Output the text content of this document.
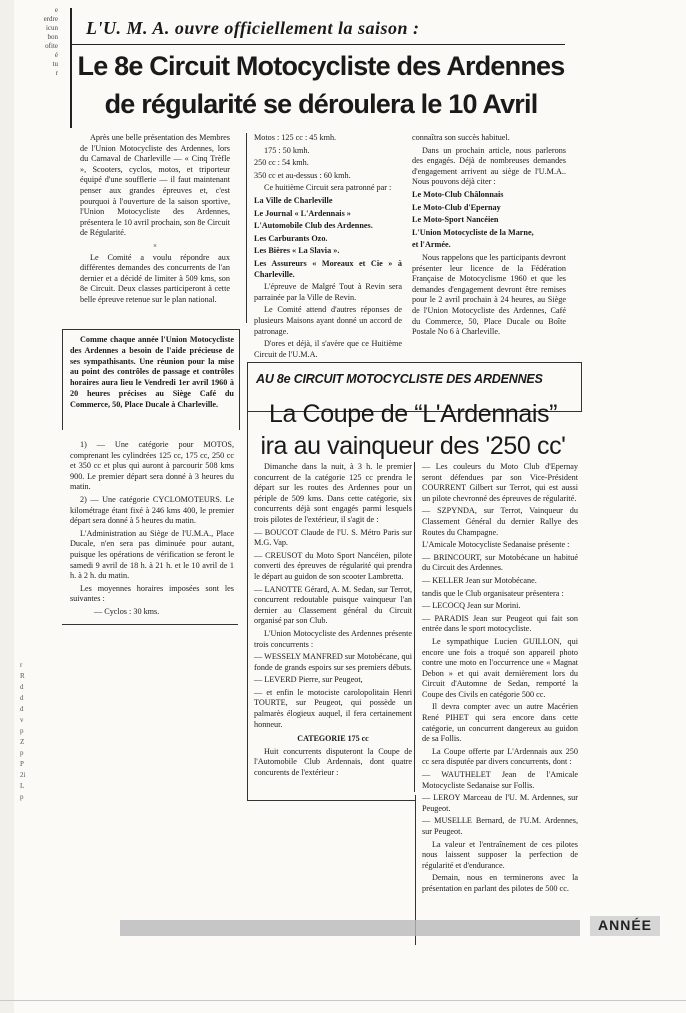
e
erdre
icun
bon
ofite
é
tu
r
r
R
d
d
d
v
p
Z
p
P
2i
L
p
L'U. M. A. ouvre officiellement la saison :
Le 8e Circuit Motocycliste des Ardennes
de régularité se déroulera le 10 Avril

Après une belle présentation des Membres de l'Union Motocycliste des Ardennes, lors du Carnaval de Charleville — « Cinq Trèfle », Scooters, cyclos, motos, et triporteur équipé d'une soufflerie — il faut maintenant penser aux grandes épreuves et, c'est pourquoi à l'ouverture de la saison sportive, l'Union Motocycliste des Ardennes, présentera le 10 avril prochain, son 8e Circuit de Régularité.

×

Le Comité a voulu répondre aux différentes demandes des concurrents de l'an dernier et a décidé de limiter à 509 kms, son 8e Circuit. Deux classes participeront à cette belle épreuve retenue sur le plan national.

Motos : 125 cc : 45 kmh.

175 : 50 kmh.

250 cc : 54 kmh.

350 cc et au-dessus : 60 kmh.

Ce huitième Circuit sera patronné par :

La Ville de Charleville

Le Journal « L'Ardennais »

L'Automobile Club des Ardennes.

Les Carburants Ozo.

Les Bières « La Slavia ».

Les Assureurs « Moreaux et Cie » à Charleville.

L'épreuve de Malgré Tout à Revin sera parrainée par la Ville de Revin.

Le Comité attend d'autres réponses de plusieurs Maisons ayant donné un accord de patronage.

D'ores et déjà, il s'avère que ce Huitième Circuit de l'U.M.A.

connaîtra son succès habituel.

Dans un prochain article, nous parlerons des engagés. Déjà de nombreuses demandes d'engagement arrivent au siège de l'U.M.A.. Nous pouvons déjà citer :

Le Moto-Club Châlonnais

Le Moto-Club d'Epernay

Le Moto-Sport Nancéien

L'Union Motocycliste de la Marne,

et l'Armée.

Nous rappelons que les participants devront présenter leur licence de la Fédération Française de Motocyclisme 1960 et que les demandes d'engagement devront être remises pour le 2 avril prochain à 24 heures, au Siège de l'Union Motocycliste des Ardennes, Café du Commerce, 50, Place Ducale ou Boîte Postale No 6 à Charleville.

Comme chaque année l'Union Motocycliste des Ardennes a besoin de l'aide précieuse de ses sympathisants. Une réunion pour la mise au point des contrôles de passage et contrôles horaires aura lieu le Vendredi 1er avril 1960 à 20 heures précises au Siège Café du Commerce, 50, Place Ducale à Charleville.

1) — Une catégorie pour MOTOS, comprenant les cylindrées 125 cc, 175 cc, 250 cc et 350 cc et plus qui auront à parcourir 508 kms 900. Le premier départ sera donné à 3 heures du matin.

2) — Une catégorie CYCLOMOTEURS. Le kilométrage étant fixé à 246 kms 400, le premier départ sera donné à 5 heures du matin.

L'Administration au Siège de l'U.M.A., Place Ducale, n'en sera pas diminuée pour autant, puisque les opérations de vérification se feront le samedi 9 avril de 18 h. à 21 h. et le 10 avril de 1 h. à 2 h. du matin.

Les moyennes horaires imposées sont les suivantes :

— Cyclos : 30 kms.

AU 8e CIRCUIT MOTOCYCLISTE DES ARDENNES
La Coupe de “L'Ardennais”
ira au vainqueur des '250 cc'

Dimanche dans la nuit, à 3 h. le premier concurrent de la catégorie 125 cc prendra le départ sur les routes des Ardennes pour un périple de 509 kms. Dans cette catégorie, six concurrents déjà sont engagés parmi lesquels trois pilotes de l'extérieur, il s'agit de :

— BOUCOT Claude de l'U. S. Métro Paris sur M.G. Vap.

— CREUSOT du Moto Sport Nancéien, pilote converti des épreuves de régularité qui prendra le départ au guidon de son scooter Lambretta.

— LANOTTE Gérard, A. M. Sedan, sur Terrot, concurrent redoutable puisque vainqueur l'an dernier au Classement général du Circuit organisé par son Club.

L'Union Motocycliste des Ardennes présente trois concurrents :

— WESSELY MANFRED sur Motobécane, qui fonde de grands espoirs sur ses premiers débuts.

— LEVERD Pierre, sur Peugeot,

— et enfin le motociste carolopolitain Henri TOURTE, sur Peugeot, qui possède un palmarès élogieux auquel, il fera certainement honneur.

CATEGORIE 175 cc

Huit concurrents disputeront la Coupe de l'Automobile Club Ardennais, dont quatre concurents de l'extérieur :

— Les couleurs du Moto Club d'Epernay seront défendues par son Vice-Président COURRENT Gilbert sur Terrot, qui est aussi un pilote chevronné des épreuves de régularité.

— SZPYNDA, sur Terrot, Vainqueur du Classement Général du dernier Rallye des Routes du Champagne.

L'Amicale Motocycliste Sedanaise présente :

— BRINCOURT, sur Motobécane un habitué du Circuit des Ardennes.

— KELLER Jean sur Motobécane.

tandis que le Club organisateur présentera :

— LECOCQ Jean sur Morini.

— PARADIS Jean sur Peugeot qui fait son entrée dans le sport motocycliste.

Le sympathique Lucien GUILLON, qui encore une fois a troqué son appareil photo contre une moto en l'occurrence une « Magnat Debon » et qui avait dernièrement lors du Circuit d'Automne de Sedan, remporté la Coupe des Civils en catégorie 500 cc.

Il devra compter avec un autre Macérien René PIHET qui sera encore dans cette catégorie, un concurrent dangereux au guidon de sa Follis.

La Coupe offerte par L'Ardennais aux 250 cc sera disputée par divers concurrents, dont :

— WAUTHELET Jean de l'Amicale Motocycliste Sedanaise sur Follis.

— LEROY Marceau de l'U. M. Ardennes, sur Peugeot.

— MUSELLE Bernard, de l'U.M. Ardennes, sur Peugeot.

La valeur et l'entraînement de ces pilotes nous laissent supposer la perfection de régularité et d'endurance.

Demain, nous en terminerons avec la présentation en parlant des pilotes de 500 cc.

ANNÉE
